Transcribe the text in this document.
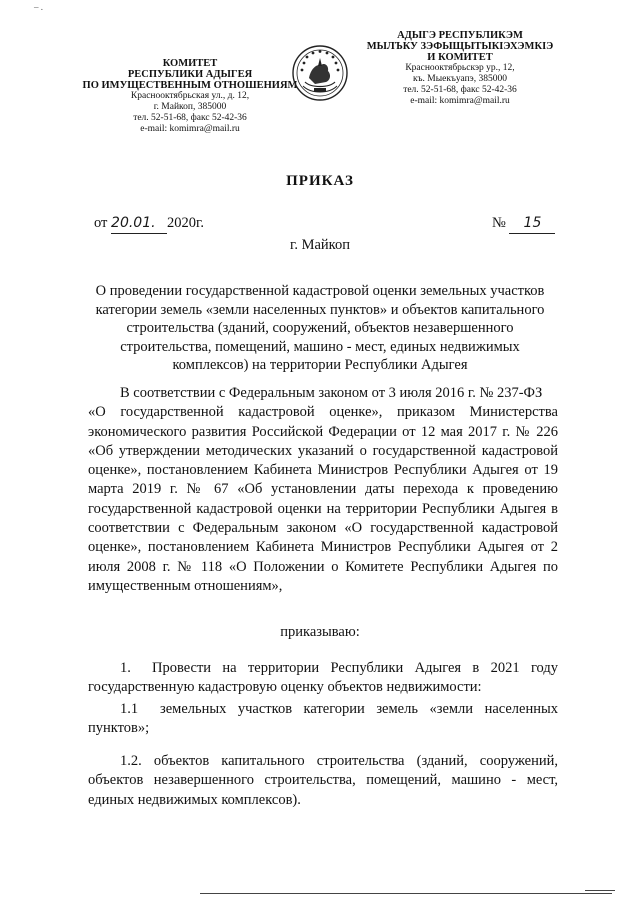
– .
КОМИТЕТ
РЕСПУБЛИКИ АДЫГЕЯ
ПО ИМУЩЕСТВЕННЫМ ОТНОШЕНИЯМ
Краснооктябрьская ул., д. 12,
г. Майкоп, 385000
тел. 52-51-68, факс 52-42-36
e-mail: komimra@mail.ru
АДЫГЭ РЕСПУБЛИКЭМ
МЫЛЪКУ ЗЭФЫЩЫТЫКIЭХЭМКIЭ
И КОМИТЕТ
Краснооктябрьскэр ур., 12,
къ. Мыекъуапэ, 385000
тел. 52-51-68, факс 52-42-36
e-mail: komimra@mail.ru
ПРИКАЗ
от 20.01. 2020г.	№ 15
г. Майкоп
О проведении государственной кадастровой оценки земельных участков
категории земель «земли населенных пунктов» и объектов капитального
строительства (зданий, сооружений, объектов незавершенного
строительства, помещений, машино - мест, единых недвижимых
комплексов) на территории Республики Адыгея
В соответствии с Федеральным законом от 3 июля 2016 г. № 237-ФЗ
«О государственной кадастровой оценке», приказом Министерства
экономического развития Российской Федерации от 12 мая 2017 г. № 226
«Об утверждении методических указаний о государственной кадастровой
оценке», постановлением Кабинета Министров Республики Адыгея от 19
марта 2019 г. № 67 «Об установлении даты перехода к проведению
государственной кадастровой оценки на территории Республики Адыгея в
соответствии с Федеральным законом «О государственной кадастровой
оценке», постановлением Кабинета Министров Республики Адыгея от 2
июля 2008 г. № 118 «О Положении о Комитете Республики Адыгея по
имущественным отношениям»,
приказываю:
1.	Провести на территории Республики Адыгея в 2021 году
государственную кадастровую оценку объектов недвижимости:
1.1	земельных участков категории земель «земли населенных
пунктов»;
1.2. объектов капитального строительства (зданий, сооружений,
объектов незавершенного строительства, помещений, машино - мест,
единых недвижимых комплексов).
